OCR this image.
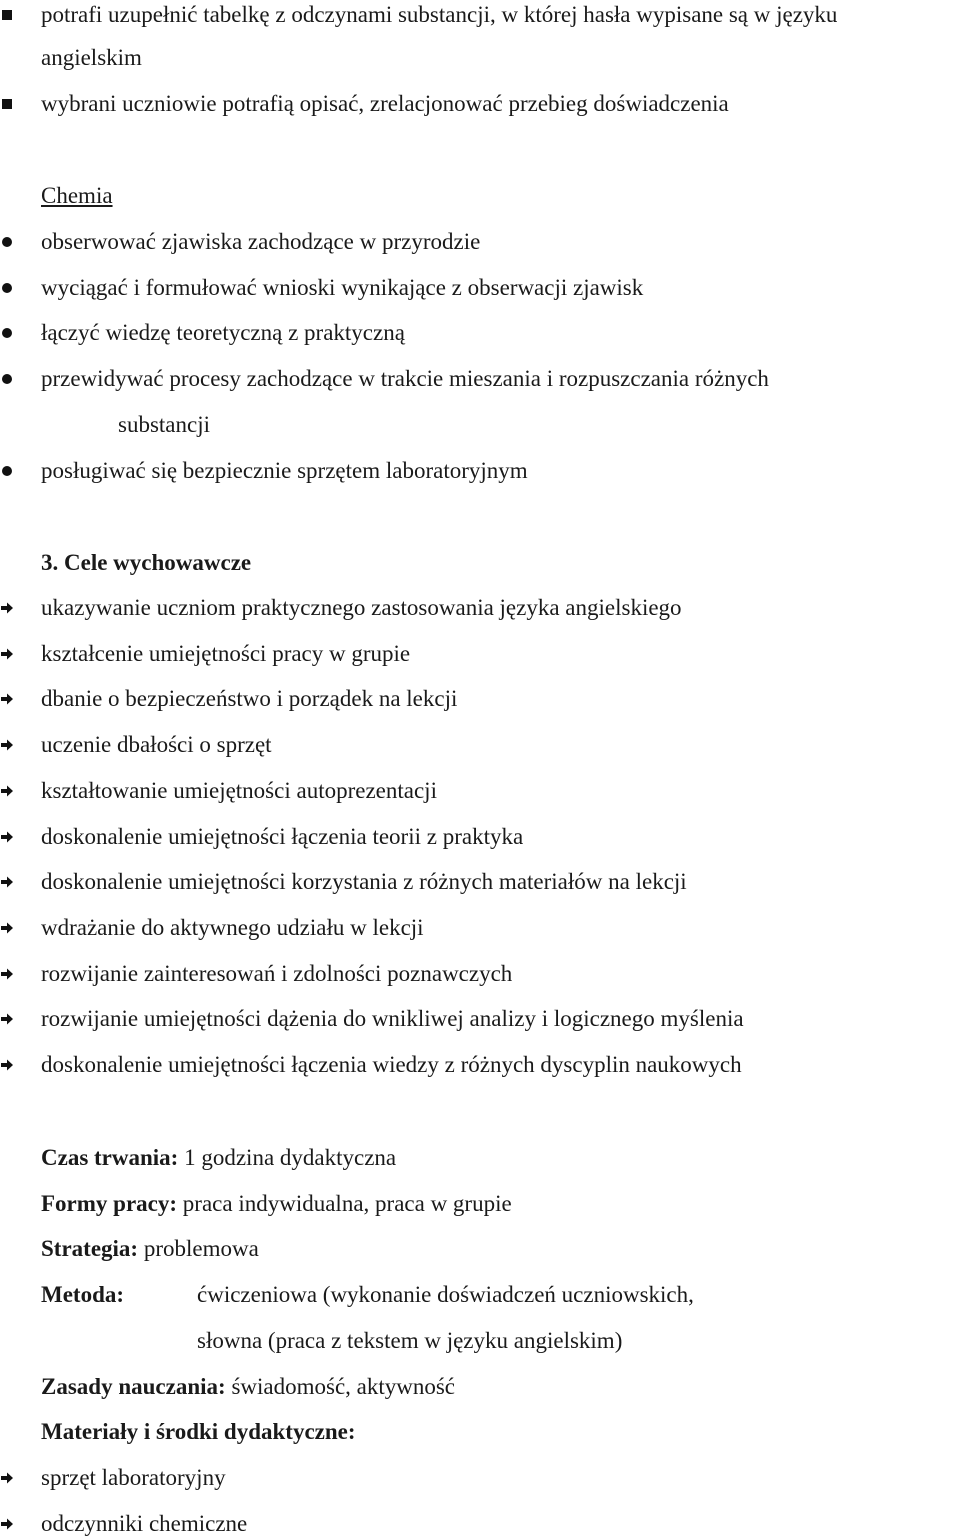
potrafi uzupełnić tabelkę z odczynami substancji, w której hasła wypisane są w języku
angielskim
wybrani uczniowie potrafią opisać, zrelacjonować przebieg doświadczenia
Chemia
obserwować zjawiska zachodzące w przyrodzie
wyciągać i formułować wnioski wynikające z obserwacji zjawisk
łączyć wiedzę teoretyczną z praktyczną
przewidywać procesy zachodzące w trakcie mieszania i rozpuszczania różnych
substancji
posługiwać się bezpiecznie sprzętem laboratoryjnym
3. Cele wychowawcze
ukazywanie uczniom praktycznego zastosowania języka angielskiego
kształcenie umiejętności pracy w grupie
dbanie o bezpieczeństwo i porządek na lekcji
uczenie dbałości o sprzęt
kształtowanie umiejętności autoprezentacji
doskonalenie umiejętności łączenia teorii z praktyka
doskonalenie umiejętności korzystania z różnych materiałów na lekcji
wdrażanie do aktywnego udziału w lekcji
rozwijanie zainteresowań i zdolności poznawczych
rozwijanie umiejętności dążenia do wnikliwej analizy i logicznego myślenia
doskonalenie umiejętności łączenia wiedzy z różnych dyscyplin naukowych
Czas trwania: 1 godzina dydaktyczna
Formy pracy: praca indywidualna, praca w grupie
Strategia: problemowa
Metoda:	ćwiczeniowa (wykonanie doświadczeń uczniowskich,
słowna (praca z tekstem w języku angielskim)
Zasady nauczania: świadomość, aktywność
Materiały i środki dydaktyczne:
sprzęt laboratoryjny
odczynniki chemiczne
